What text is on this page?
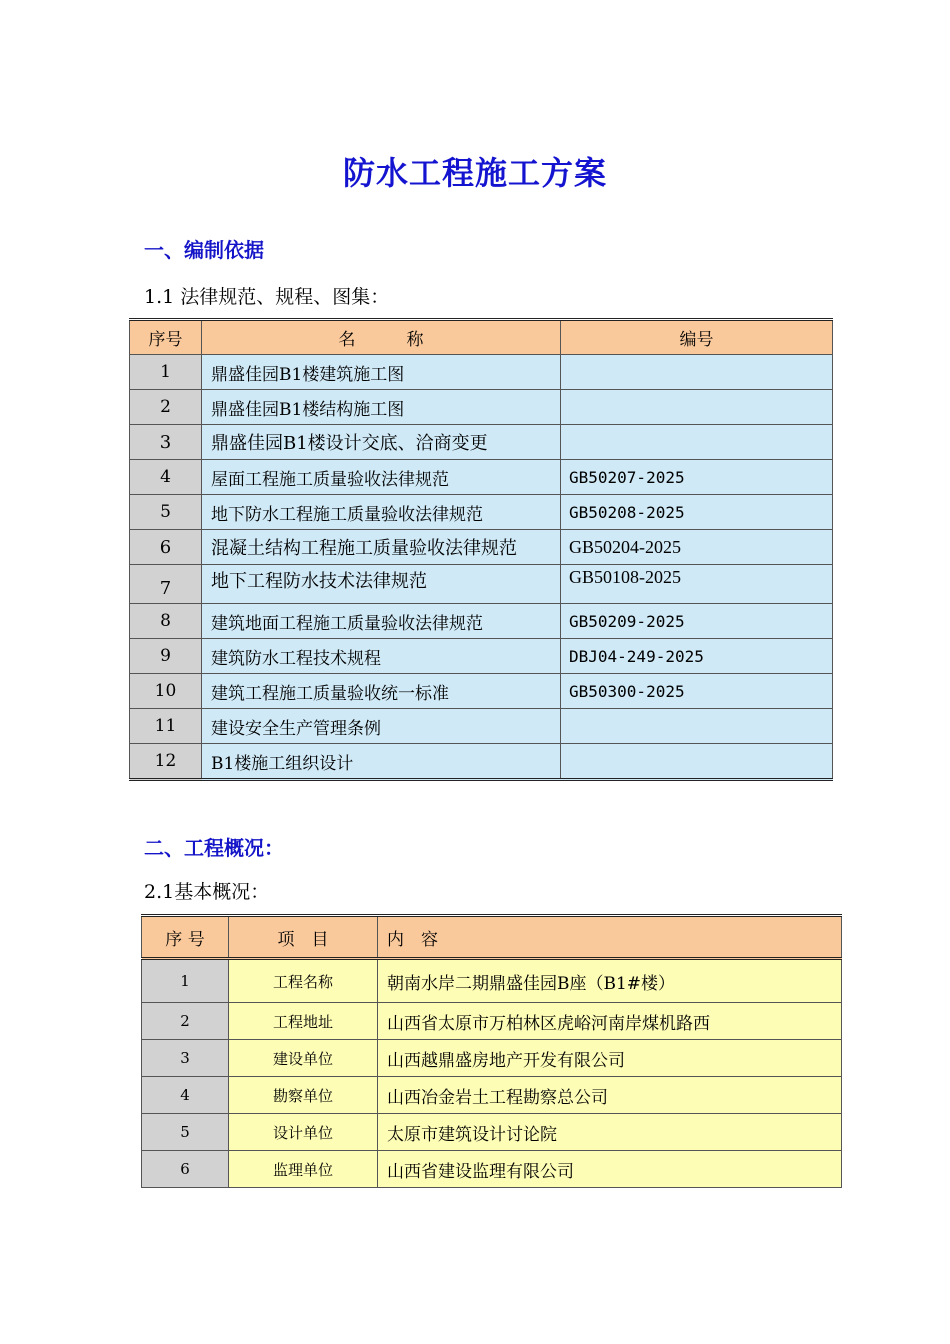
防水工程施工方案
一、编制依据
1.1 法律规范、规程、图集：
序号	名　　　称	编号
1	鼎盛佳园B1楼建筑施工图	
2	鼎盛佳园B1楼结构施工图	
3	鼎盛佳园B1楼设计交底、洽商变更	
4	屋面工程施工质量验收法律规范	GB50207-2025
5	地下防水工程施工质量验收法律规范	GB50208-2025
6	混凝土结构工程施工质量验收法律规范	GB50204-2025
7	地下工程防水技术法律规范	GB50108-2025
8	建筑地面工程施工质量验收法律规范	GB50209-2025
9	建筑防水工程技术规程	DBJ04-249-2025
10	建筑工程施工质量验收统一标准	GB50300-2025
11	建设安全生产管理条例	
12	B1楼施工组织设计	
二、工程概况：
2.1基本概况：
序 号	项　目	内　容
1	工程名称	朝南水岸二期鼎盛佳园B座（B1#楼）
2	工程地址	山西省太原市万柏林区虎峪河南岸煤机路西
3	建设单位	山西越鼎盛房地产开发有限公司
4	勘察单位	山西冶金岩土工程勘察总公司
5	设计单位	太原市建筑设计讨论院
6	监理单位	山西省建设监理有限公司
